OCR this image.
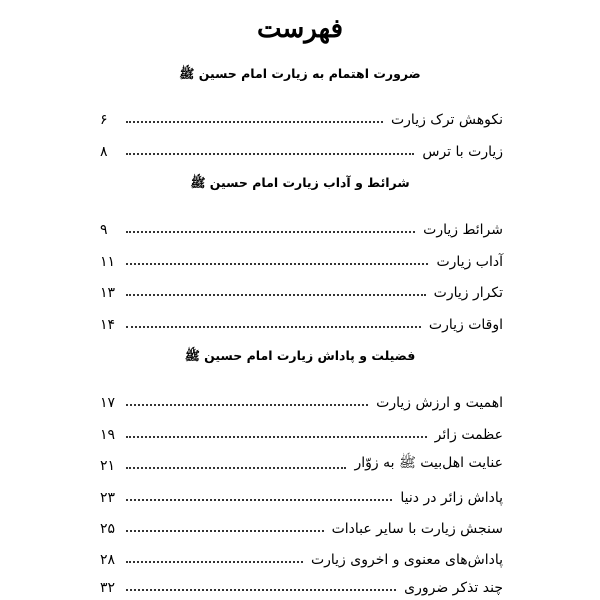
فهرست
ضرورت اهتمام به زیارت امام حسین ﷺ
نکوهش ترک زیارت
۶
زیارت با ترس
۸
شرائط و آداب زیارت امام حسین ﷺ
شرائط زیارت
۹
آداب زیارت
۱۱
تکرار زیارت
۱۳
اوقات زیارت
۱۴
فضیلت و پاداش زیارت امام حسین ﷺ
اهمیت و ارزش زیارت
۱۷
عظمت زائر
۱۹
عنایت اهل‌بیت ﷺ به زوّار
۲۱
پاداش زائر در دنیا
۲۳
سنجش زیارت با سایر عبادات
۲۵
پاداش‌های معنوی و اخروی زیارت
۲۸
چند تذکر ضروری
۳۲
